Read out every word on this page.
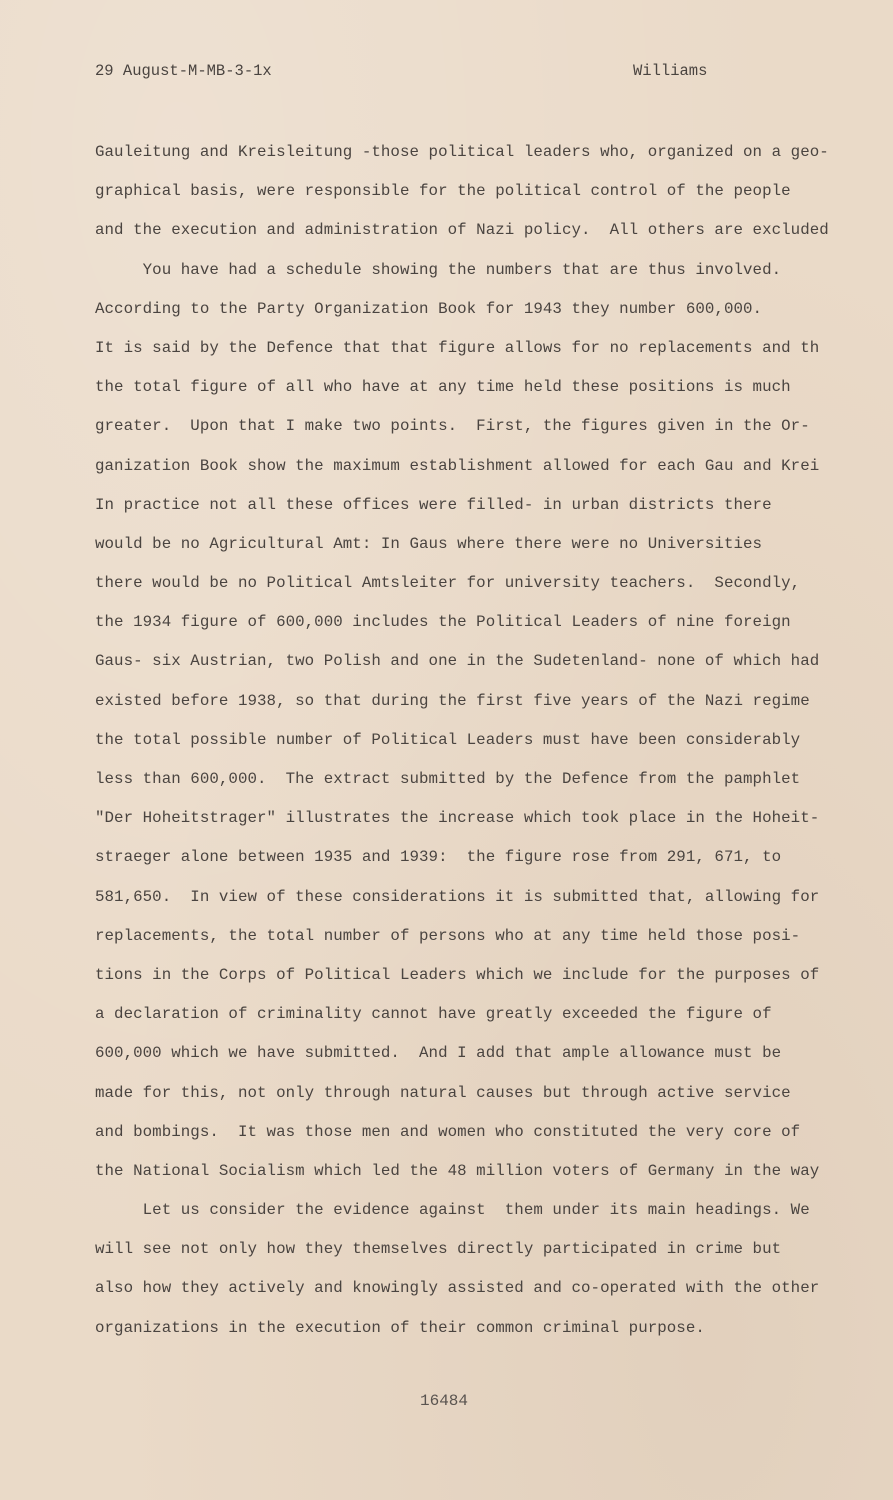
29 August-M-MB-3-1x	Williams
Gauleitung and Kreisleitung -those political leaders who, organized on a geo-
graphical basis, were responsible for the political control of the people
and the execution and administration of Nazi policy.  All others are excluded
You have had a schedule showing the numbers that are thus involved.
According to the Party Organization Book for 1943 they number 600,000.
It is said by the Defence that that figure allows for no replacements and th
the total figure of all who have at any time held these positions is much
greater.  Upon that I make two points.  First, the figures given in the Or-
ganization Book show the maximum establishment allowed for each Gau and Krei
In practice not all these offices were filled- in urban districts there
would be no Agricultural Amt: In Gaus where there were no Universities
there would be no Political Amtsleiter for university teachers.  Secondly,
the 1934 figure of 600,000 includes the Political Leaders of nine foreign
Gaus- six Austrian, two Polish and one in the Sudetenland- none of which had
existed before 1938, so that during the first five years of the Nazi regime
the total possible number of Political Leaders must have been considerably
less than 600,000.  The extract submitted by the Defence from the pamphlet
"Der Hoheitstrager" illustrates the increase which took place in the Hoheit-
straeger alone between 1935 and 1939:  the figure rose from 291, 671, to
581,650.  In view of these considerations it is submitted that, allowing for
replacements, the total number of persons who at any time held those posi-
tions in the Corps of Political Leaders which we include for the purposes of
a declaration of criminality cannot have greatly exceeded the figure of
600,000 which we have submitted.  And I add that ample allowance must be
made for this, not only through natural causes but through active service
and bombings.  It was those men and women who constituted the very core of
the National Socialism which led the 48 million voters of Germany in the way
Let us consider the evidence against  them under its main headings. We
will see not only how they themselves directly participated in crime but
also how they actively and knowingly assisted and co-operated with the other
organizations in the execution of their common criminal purpose.
16484
